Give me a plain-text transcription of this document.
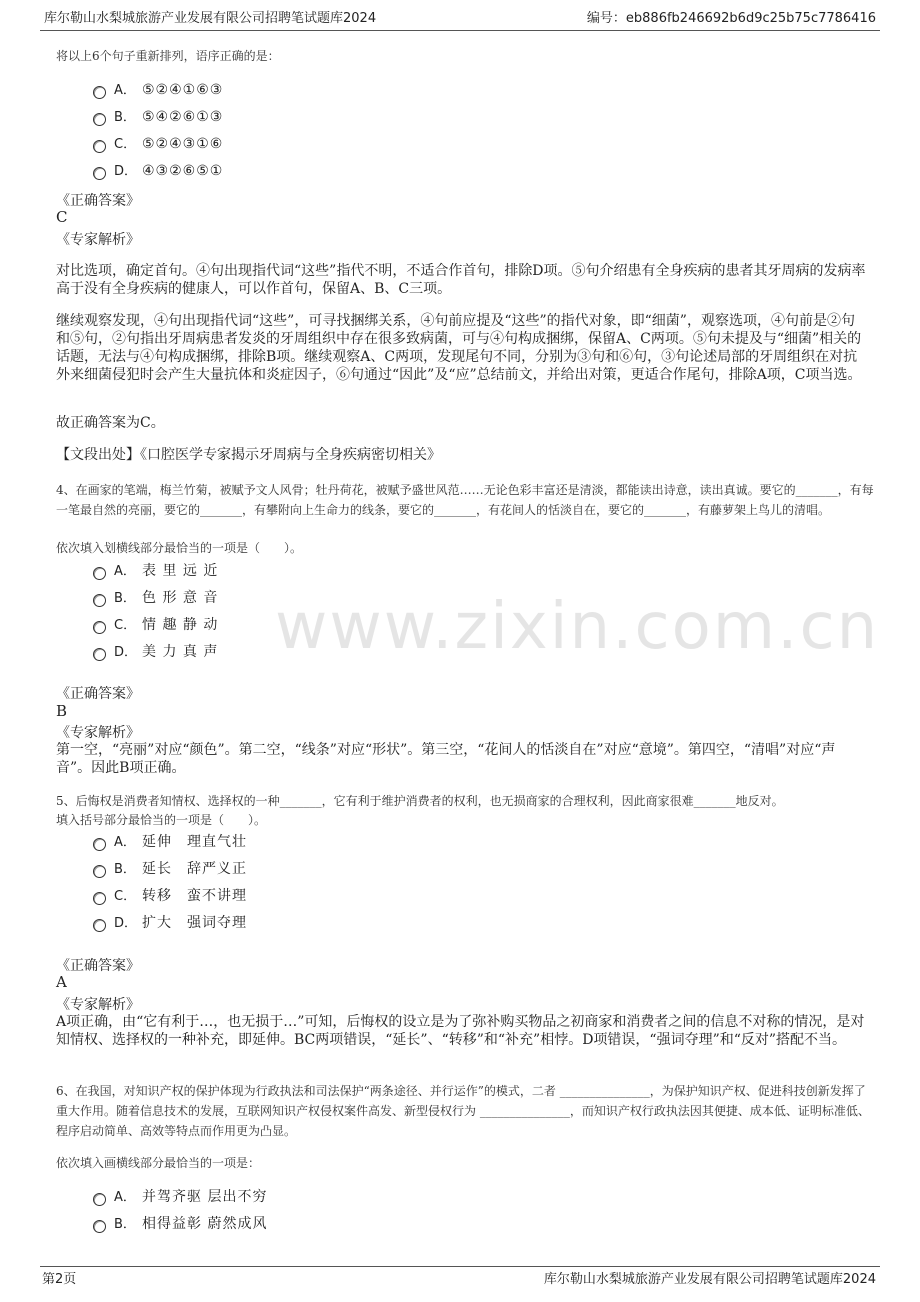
库尔勒山水梨城旅游产业发展有限公司招聘笔试题库2024	编号：eb886fb246692b6d9c25b75c7786416
将以上6个句子重新排列，语序正确的是：
A． ⑤②④①⑥③
B． ⑤④②⑥①③
C． ⑤②④③①⑥
D． ④③②⑥⑤①
《正确答案》
C
《专家解析》
对比选项，确定首句。④句出现指代词“这些”指代不明，不适合作首句，排除D项。⑤句介绍患有全身疾病的患者其牙周病的发病率高于没有全身疾病的健康人，可以作首句，保留A、B、C三项。
继续观察发现，④句出现指代词“这些”，可寻找捆绑关系，④句前应提及“这些”的指代对象，即“细菌”，观察选项，④句前是②句和⑤句，②句指出牙周病患者发炎的牙周组织中存在很多致病菌，可与④句构成捆绑，保留A、C两项。⑤句未提及与“细菌”相关的话题，无法与④句构成捆绑，排除B项。继续观察A、C两项，发现尾句不同，分别为③句和⑥句，③句论述局部的牙周组织在对抗外来细菌侵犯时会产生大量抗体和炎症因子，⑥句通过“因此”及“应”总结前文，并给出对策，更适合作尾句，排除A项，C项当选。
故正确答案为C。
【文段出处】《口腔医学专家揭示牙周病与全身疾病密切相关》
4、在画家的笔端，梅兰竹菊，被赋予文人风骨；牡丹荷花，被赋予盛世风范……无论色彩丰富还是清淡，都能读出诗意，读出真诚。要它的_______，有每一笔最自然的亮丽，要它的_______，有攀附向上生命力的线条，要它的_______，有花间人的恬淡自在，要它的_______，有藤萝架上鸟儿的清唱。
依次填入划横线部分最恰当的一项是（　　）。
A． 表 里 远 近
B． 色 形 意 音
C． 情 趣 静 动
D． 美 力 真 声
《正确答案》
B
《专家解析》
第一空，“亮丽”对应“颜色”。第二空，“线条”对应“形状”。第三空，“花间人的恬淡自在”对应“意境”。第四空，“清唱”对应“声音”。因此B项正确。
5、后悔权是消费者知情权、选择权的一种_______，它有利于维护消费者的权利，也无损商家的合理权利，因此商家很难_______地反对。
填入括号部分最恰当的一项是（　　）。
A． 延伸　理直气壮
B． 延长　辞严义正
C． 转移　蛮不讲理
D． 扩大　强词夺理
《正确答案》
A
《专家解析》
A项正确，由“它有利于…，也无损于…”可知，后悔权的设立是为了弥补购买物品之初商家和消费者之间的信息不对称的情况，是对知情权、选择权的一种补充，即延伸。BC两项错误，“延长”、“转移”和“补充”相悖。D项错误，“强词夺理”和“反对”搭配不当。
6、在我国，对知识产权的保护体现为行政执法和司法保护“两条途径、并行运作”的模式，二者 _______________，为保护知识产权、促进科技创新发挥了重大作用。随着信息技术的发展，互联网知识产权侵权案件高发、新型侵权行为 _______________，而知识产权行政执法因其便捷、成本低、证明标准低、程序启动简单、高效等特点而作用更为凸显。
依次填入画横线部分最恰当的一项是：
A． 并驾齐驱 层出不穷
B． 相得益彰 蔚然成风
www.zixin.com.cn
第2页	库尔勒山水梨城旅游产业发展有限公司招聘笔试题库2024
